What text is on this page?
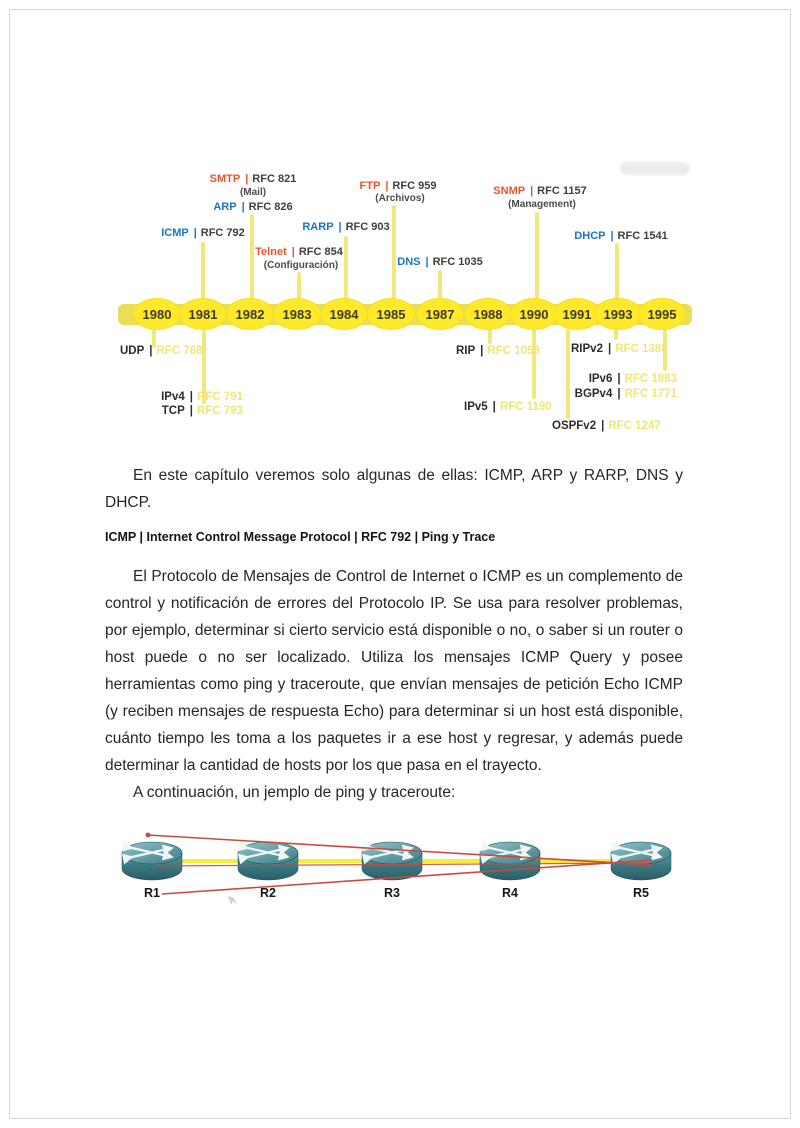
1980	1981	1982	1983	1984	1985	1987	1988	1990	1991 1993	1995
ICMP | RFC 792
SMTP | RFC 821
(Mail)
ARP | RFC 826
Telnet | RFC 854
(Configuración)
RARP | RFC 903
FTP | RFC 959
(Archivos)
DNS | RFC 1035
SNMP | RFC 1157
(Management)
DHCP | RFC 1541
UDP | RFC 768
IPv4 | RFC 791
TCP | RFC 793
RIP | RFC 1058
IPv5 | RFC 1190
RIPv2 | RFC 1388
IPv6 | RFC 1883
BGPv4 | RFC 1771
OSPFv2 | RFC 1247

En este capítulo veremos solo algunas de ellas: ICMP, ARP y RARP, DNS y DHCP.

ICMP | Internet Control Message Protocol | RFC 792 | Ping y Trace

El Protocolo de Mensajes de Control de Internet o ICMP es un complemento de control y notificación de errores del Protocolo IP. Se usa para resolver problemas, por ejemplo, determinar si cierto servicio está disponible o no, o saber si un router o host puede o no ser localizado. Utiliza los mensajes ICMP Query y posee herramientas como ping y traceroute, que envían mensajes de petición Echo ICMP (y reciben mensajes de respuesta Echo) para determinar si un host está disponible, cuánto tiempo les toma a los paquetes ir a ese host y regresar, y además puede determinar la cantidad de hosts por los que pasa en el trayecto.

A continuación, un jemplo de ping y traceroute:

R1	R2	R3	R4	R5
